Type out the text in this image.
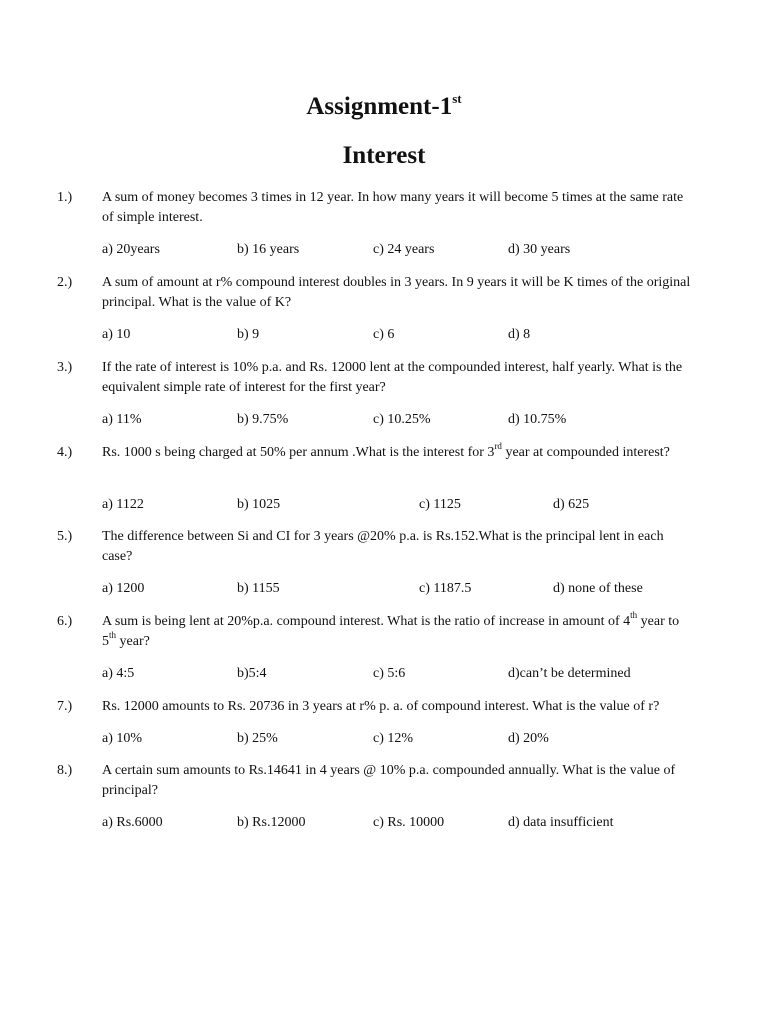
Assignment-1st
Interest
1.) A sum of money becomes 3 times in 12 year. In how many years it will become 5 times at the same rate of simple interest.
a) 20years	b) 16 years	c) 24 years	d) 30 years
2.) A sum of amount at r% compound interest doubles in 3 years. In 9 years it will be K times of the original principal. What is the value of K?
a) 10	b) 9	c) 6	d) 8
3.) If the rate of interest is 10% p.a. and Rs. 12000 lent at the compounded interest, half yearly. What is the equivalent simple rate of interest for the first year?
a) 11%	b) 9.75%	c) 10.25%	d) 10.75%
4.) Rs. 1000 s being charged at 50% per annum .What is the interest for 3rd year at compounded interest?
a) 1122	b) 1025	c) 1125	d) 625
5.) The difference between Si and CI for 3 years @20% p.a. is Rs.152.What is the principal lent in each case?
a) 1200	b) 1155	c) 1187.5	d) none of these
6.) A sum is being lent at 20%p.a. compound interest. What is the ratio of increase in amount of 4th year to 5th year?
a) 4:5	b)5:4	c) 5:6	d)can’t be determined
7.) Rs. 12000 amounts to Rs. 20736 in 3 years at r% p. a. of compound interest. What is the value of r?
a) 10%	b) 25%	c) 12%	d) 20%
8.) A certain sum amounts to Rs.14641 in 4 years @ 10% p.a. compounded annually. What is the value of principal?
a) Rs.6000	b) Rs.12000	c) Rs. 10000	d) data insufficient
